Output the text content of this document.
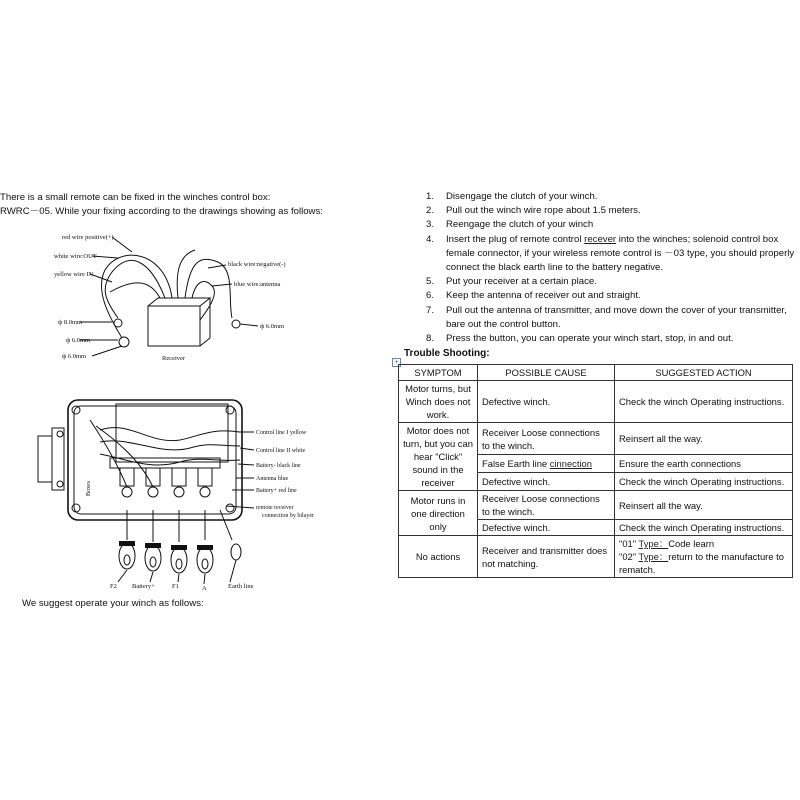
There is a small remote can be fixed in the winches control box:
RWRC－05. While your fixing according to the drawings showing as follows:
We suggest operate your winch as follows:
red wire positive(+)
white wire:OUT
yellow wire IN
black wire:negative(-)
blue wire:antenna
ф 8.0mm
ф 6.0mm
ф 6.0mm
ф 6.0mm
Receiver
Control line I yellow
Control line II white
Battery- black line
Antenna blue
Battery+ red line
remote receiver
connection by bilayer
Boxes
F2 Battery+	F1	A	Earth line
1. Disengage the clutch of your winch.
2. Pull out the winch wire rope about 1.5 meters.
3. Reengage the clutch of your winch
4. Insert the plug of remote control recever into the winches; solenoid control box
female connector, if your wireless remote control is －03 type, you should properly
connect the black earth line to the battery negative.
5. Put your receiver at a certain place.
6. Keep the antenna of receiver out and straight.
7. Pull out the antenna of transmitter, and move down the cover of your transmitter,
bare out the control button.
8. Press the button, you can operate your winch start, stop, in and out.
+
Trouble Shooting:
SYMPTOM	POSSIBLE CAUSE	SUGGESTED ACTION
Motor turns, but Winch does not work.	Defective winch.	Check the winch Operating instructions.
Motor does not turn, but you can hear "Click" sound in the receiver	Receiver Loose connections to the winch.	Reinsert all the way.
	False Earth line cinnection	Ensure the earth connections
	Defective winch.	Check the winch Operating instructions.
Motor runs in one direction only	Receiver Loose connections to the winch.	Reinsert all the way.
	Defective winch.	Check the winch Operating instructions.
No actions	Receiver and transmitter does not matching.	"01" Type：Code learn
"02" Type：return to the manufacture to rematch.
